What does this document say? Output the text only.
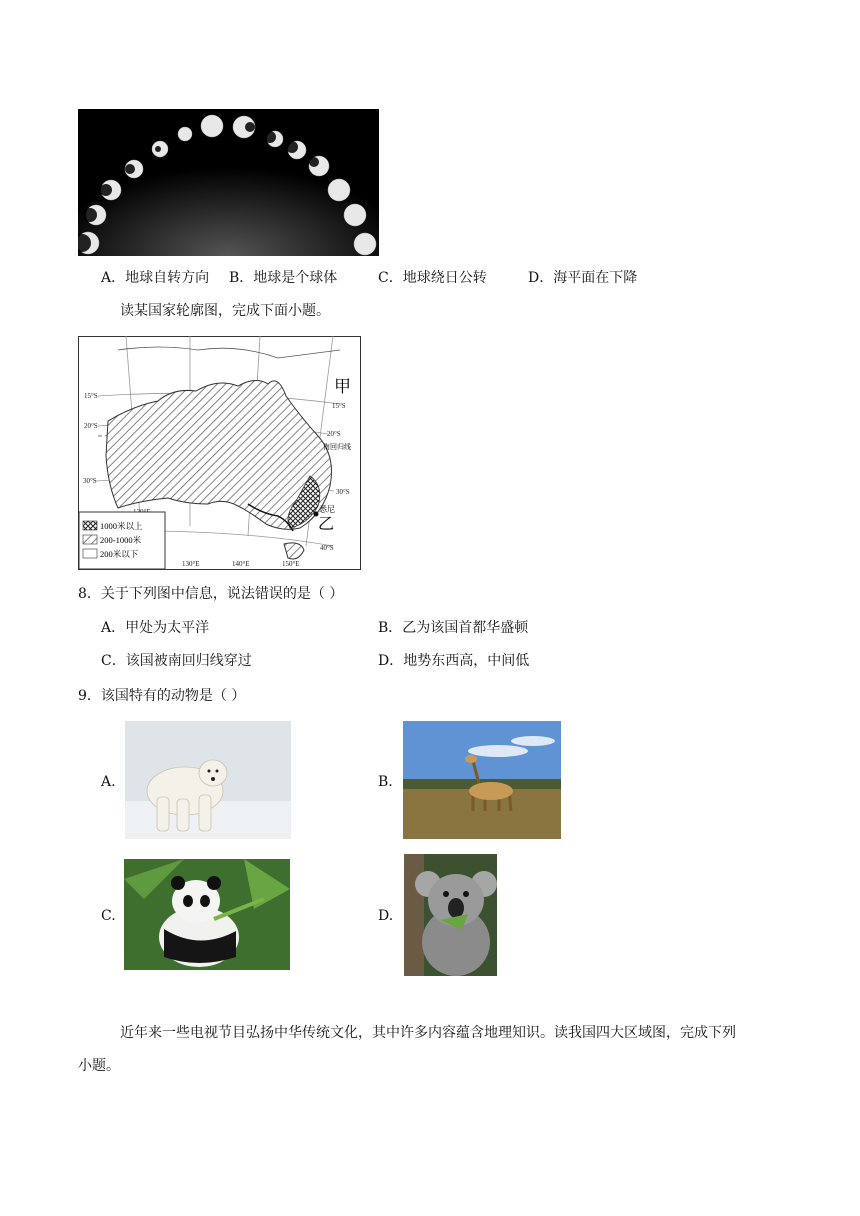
A．地球自转方向 B．地球是个球体	C．地球绕日公转	D．海平面在下降
读某国家轮廓图，完成下面小题。
甲
乙
悉尼
南回归线
15°S
20°S
30°S
15°S
20°S
30°S
40°S
130°E	140°E	150°E
1000米以上
200-1000米
200米以下
8．关于下列图中信息，说法错误的是（ ）
A．甲处为太平洋	B．乙为该国首都华盛顿
C．该国被南回归线穿过	D．地势东西高，中间低
9．该国特有的动物是（ ）
A.	B.
C.	D.
近年来一些电视节目弘扬中华传统文化，其中许多内容蕴含地理知识。读我国四大区域图，完成下列
小题。
